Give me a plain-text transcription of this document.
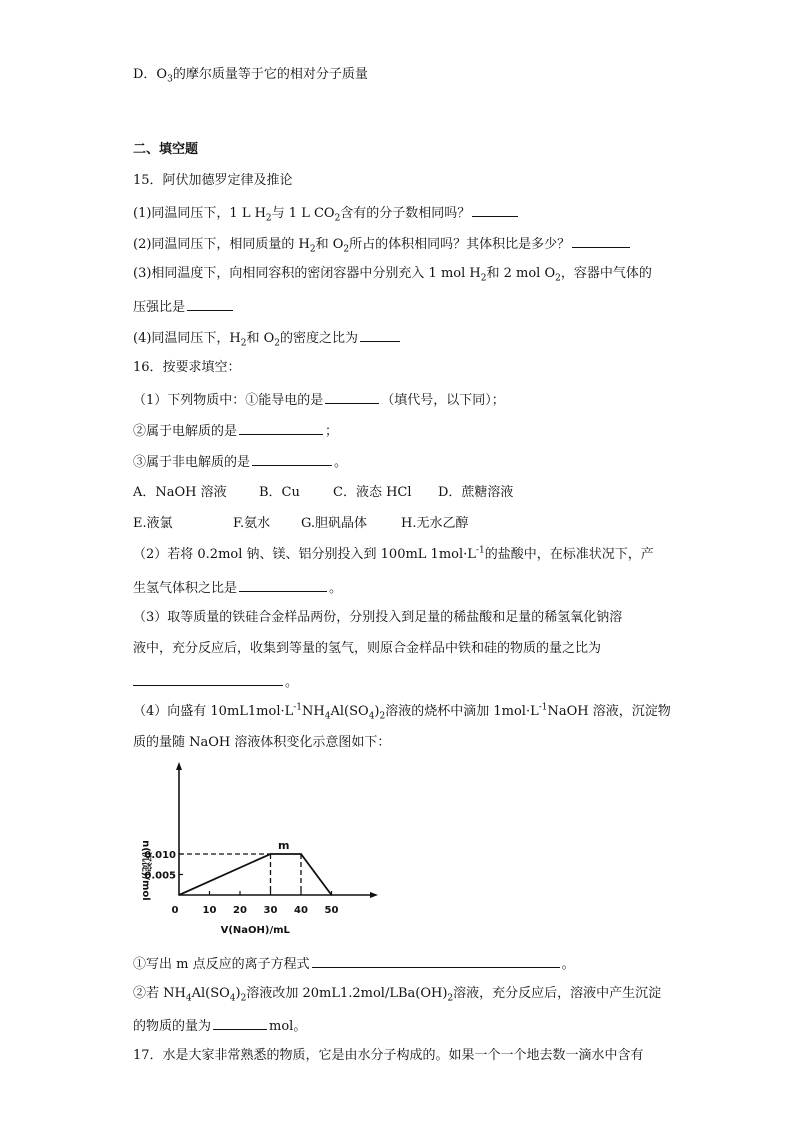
D．$O_3$的摩尔质量等于它的相对分子质量
二、填空题
15．阿伏加德罗定律及推论
(1)同温同压下，1 L $H_2$与 1 L $CO_2$含有的分子数相同吗？
(2)同温同压下，相同质量的 $H_2$和 $O_2$所占的体积相同吗？其体积比是多少？
(3)相同温度下，向相同容积的密闭容器中分别充入 1 mol $H_2$和 2 mol $O_2$，容器中气体的
压强比是
(4)同温同压下，$H_2$和 $O_2$的密度之比为
16．按要求填空：
（1）下列物质中：①能导电的是	（填代号，以下同）；
②属于电解质的是	；
③属于非电解质的是	。
A．NaOH 溶液 B．Cu	C．液态 HCl D．蔗糖溶液
E.液氯	F.氨水 G.胆矾晶体	H.无水乙醇
（2）若将 0.2mol 钠、镁、铝分别投入到 100mL $1mol\cdot L^{-1}$的盐酸中，在标准状况下，产
生氢气体积之比是	。
（3）取等质量的铁硅合金样品两份，分别投入到足量的稀盐酸和足量的稀氢氧化钠溶
液中，充分反应后，收集到等量的氢气，则原合金样品中铁和硅的物质的量之比为
。
（4）向盛有 $10mL1mol\cdot L^{-1}NH_4Al(SO_4)_2$溶液的烧杯中滴加 $1mol\cdot L^{-1}NaOH$ 溶液，沉淀物
质的量随 NaOH 溶液体积变化示意图如下：
0 10 20 30 40 50
0.005
0.010
V(NaOH)/mL
n(沉淀)/mol	m
①写出 m 点反应的离子方程式	。
②若 $NH_4Al(SO_4)_2$溶液改加 $20mL1.2mol/LBa(OH)_2$溶液，充分反应后，溶液中产生沉淀
的物质的量为	mol。
17．水是大家非常熟悉的物质，它是由水分子构成的。如果一个一个地去数一滴水中含有
